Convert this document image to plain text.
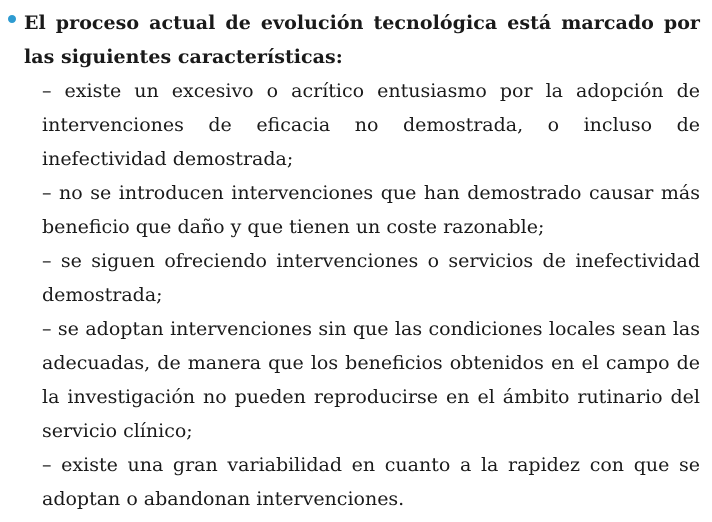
El proceso actual de evolución tecnológica está marcado por las siguientes características:

– existe un excesivo o acrítico entusiasmo por la adopción de intervenciones de eficacia no demostrada, o incluso de inefectividad demostrada;
– no se introducen intervenciones que han demostrado causar más beneficio que daño y que tienen un coste razonable;
– se siguen ofreciendo intervenciones o servicios de inefectividad demostrada;
– se adoptan intervenciones sin que las condiciones locales sean las adecuadas, de manera que los beneficios obtenidos en el campo de la investigación no pueden reproducirse en el ámbito rutinario del servicio clínico;
– existe una gran variabilidad en cuanto a la rapidez con que se adoptan o abandonan intervenciones.
